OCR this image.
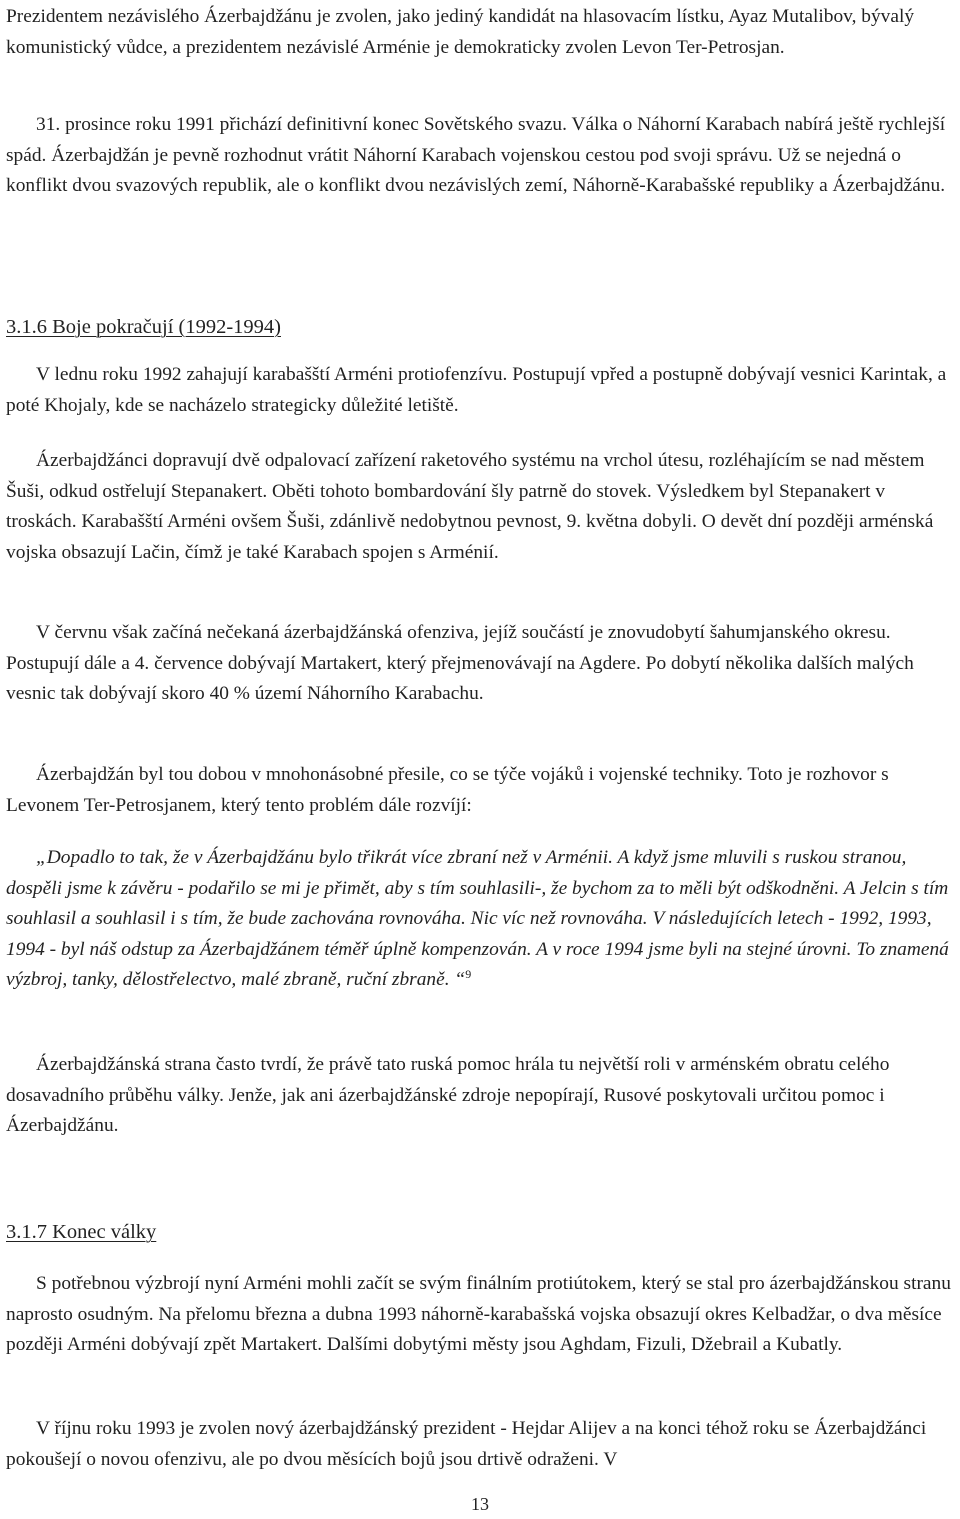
Prezidentem nezávislého Ázerbajdžánu je zvolen, jako jediný kandidát na hlasovacím lístku, Ayaz Mutalibov, bývalý komunistický vůdce, a prezidentem nezávislé Arménie je demokraticky zvolen Levon Ter-Petrosjan.

31. prosince roku 1991 přichází definitivní konec Sovětského svazu. Válka o Náhorní Karabach nabírá ještě rychlejší spád. Ázerbajdžán je pevně rozhodnut vrátit Náhorní Karabach vojenskou cestou pod svoji správu. Už se nejedná o konflikt dvou svazových republik, ale o konflikt dvou nezávislých zemí, Náhorně-Karabašské republiky a Ázerbajdžánu.

3.1.6 Boje pokračují (1992-1994)

V lednu roku 1992 zahajují karabašští Arméni protiofenzívu. Postupují vpřed a postupně dobývají vesnici Karintak, a poté Khojaly, kde se nacházelo strategicky důležité letiště.

Ázerbajdžánci dopravují dvě odpalovací zařízení raketového systému na vrchol útesu, rozléhajícím se nad městem Šuši, odkud ostřelují Stepanakert. Oběti tohoto bombardování šly patrně do stovek. Výsledkem byl Stepanakert v troskách. Karabašští Arméni ovšem Šuši, zdánlivě nedobytnou pevnost, 9. května dobyli. O devět dní později arménská vojska obsazují Lačin, čímž je také Karabach spojen s Arménií.

V červnu však začíná nečekaná ázerbajdžánská ofenziva, jejíž součástí je znovudobytí šahumjanského okresu. Postupují dále a 4. července dobývají Martakert, který přejmenovávají na Agdere. Po dobytí několika dalších malých vesnic tak dobývají skoro 40 % území Náhorního Karabachu.

Ázerbajdžán byl tou dobou v mnohonásobné přesile, co se týče vojáků i vojenské techniky. Toto je rozhovor s Levonem Ter-Petrosjanem, který tento problém dále rozvíjí:

„Dopadlo to tak, že v Ázerbajdžánu bylo třikrát více zbraní než v Arménii. A když jsme mluvili s ruskou stranou, dospěli jsme k závěru - podařilo se mi je přimět, aby s tím souhlasili-, že bychom za to měli být odškodněni. A Jelcin s tím souhlasil a souhlasil i s tím, že bude zachována rovnováha. Nic víc než rovnováha. V následujících letech - 1992, 1993, 1994 - byl náš odstup za Ázerbajdžánem téměř úplně kompenzován. A v roce 1994 jsme byli na stejné úrovni. To znamená výzbroj, tanky, dělostřelectvo, malé zbraně, ruční zbraně. “$^9$

Ázerbajdžánská strana často tvrdí, že právě tato ruská pomoc hrála tu největší roli v arménském obratu celého dosavadního průběhu války. Jenže, jak ani ázerbajdžánské zdroje nepopírají, Rusové poskytovali určitou pomoc i Ázerbajdžánu.

3.1.7 Konec války

S potřebnou výzbrojí nyní Arméni mohli začít se svým finálním protiútokem, který se stal pro ázerbajdžánskou stranu naprosto osudným. Na přelomu března a dubna 1993 náhorně-karabašská vojska obsazují okres Kelbadžar, o dva měsíce později Arméni dobývají zpět Martakert. Dalšími dobytými městy jsou Aghdam, Fizuli, Džebrail a Kubatly.

V říjnu roku 1993 je zvolen nový ázerbajdžánský prezident - Hejdar Alijev a na konci téhož roku se Ázerbajdžánci pokoušejí o novou ofenzivu, ale po dvou měsících bojů jsou drtivě odraženi. V

13
